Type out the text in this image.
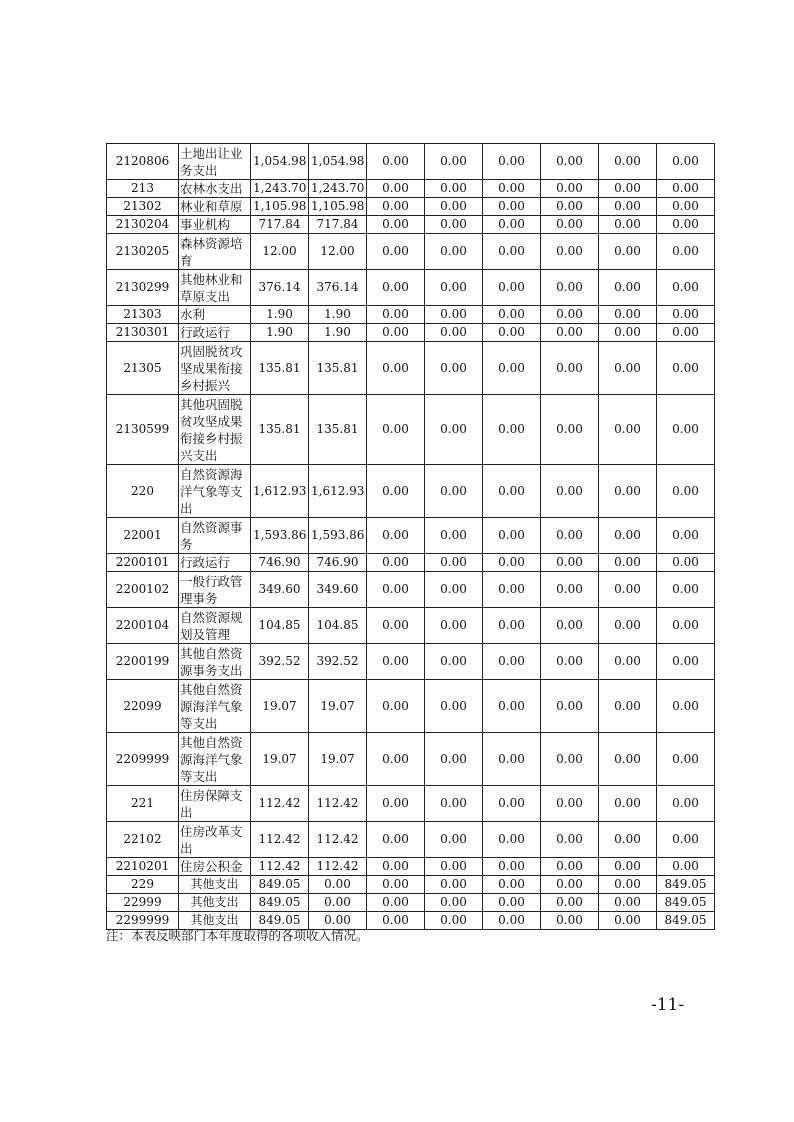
2120806	土地出让业务支出	1,054.98	1,054.98	0.00	0.00	0.00	0.00	0.00	0.00
213	农林水支出	1,243.70	1,243.70	0.00	0.00	0.00	0.00	0.00	0.00
21302	林业和草原	1,105.98	1,105.98	0.00	0.00	0.00	0.00	0.00	0.00
2130204	事业机构	717.84	717.84	0.00	0.00	0.00	0.00	0.00	0.00
2130205	森林资源培育	12.00	12.00	0.00	0.00	0.00	0.00	0.00	0.00
2130299	其他林业和草原支出	376.14	376.14	0.00	0.00	0.00	0.00	0.00	0.00
21303	水利	1.90	1.90	0.00	0.00	0.00	0.00	0.00	0.00
2130301	行政运行	1.90	1.90	0.00	0.00	0.00	0.00	0.00	0.00
21305	巩固脱贫攻坚成果衔接乡村振兴	135.81	135.81	0.00	0.00	0.00	0.00	0.00	0.00
2130599	其他巩固脱贫攻坚成果衔接乡村振兴支出	135.81	135.81	0.00	0.00	0.00	0.00	0.00	0.00
220	自然资源海洋气象等支出	1,612.93	1,612.93	0.00	0.00	0.00	0.00	0.00	0.00
22001	自然资源事务	1,593.86	1,593.86	0.00	0.00	0.00	0.00	0.00	0.00
2200101	行政运行	746.90	746.90	0.00	0.00	0.00	0.00	0.00	0.00
2200102	一般行政管理事务	349.60	349.60	0.00	0.00	0.00	0.00	0.00	0.00
2200104	自然资源规划及管理	104.85	104.85	0.00	0.00	0.00	0.00	0.00	0.00
2200199	其他自然资源事务支出	392.52	392.52	0.00	0.00	0.00	0.00	0.00	0.00
22099	其他自然资源海洋气象等支出	19.07	19.07	0.00	0.00	0.00	0.00	0.00	0.00
2209999	其他自然资源海洋气象等支出	19.07	19.07	0.00	0.00	0.00	0.00	0.00	0.00
221	住房保障支出	112.42	112.42	0.00	0.00	0.00	0.00	0.00	0.00
22102	住房改革支出	112.42	112.42	0.00	0.00	0.00	0.00	0.00	0.00
2210201	住房公积金	112.42	112.42	0.00	0.00	0.00	0.00	0.00	0.00
229	其他支出	849.05	0.00	0.00	0.00	0.00	0.00	0.00	849.05
22999	其他支出	849.05	0.00	0.00	0.00	0.00	0.00	0.00	849.05
2299999	其他支出	849.05	0.00	0.00	0.00	0.00	0.00	0.00	849.05
注：本表反映部门本年度取得的各项收入情况。
-11-
